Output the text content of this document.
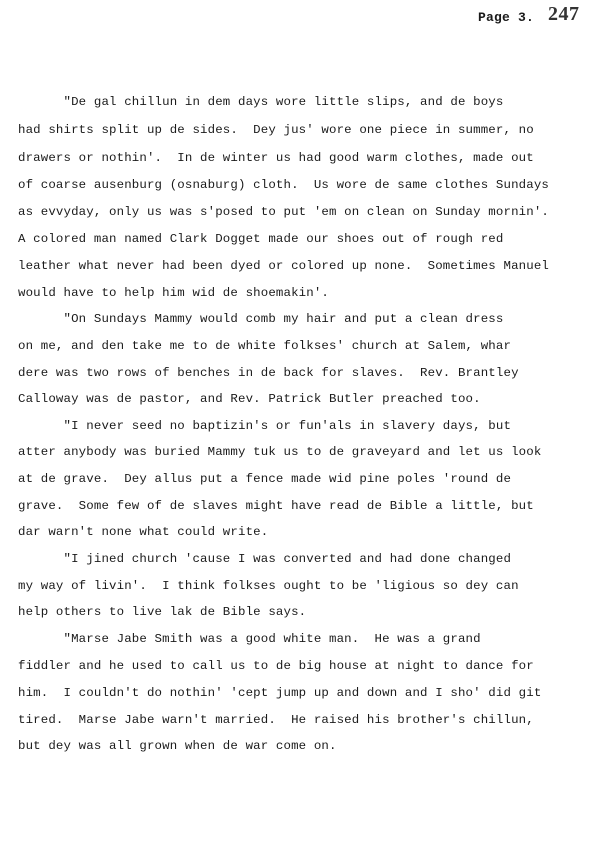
Page 3. 247
"De gal chillun in dem days wore little slips, and de boys
had shirts split up de sides.  Dey jus' wore one piece in summer, no
drawers or nothin'.  In de winter us had good warm clothes, made out
of coarse ausenburg (osnaburg) cloth.  Us wore de same clothes Sundays
as evvyday, only us was s'posed to put 'em on clean on Sunday mornin'.
A colored man named Clark Dogget made our shoes out of rough red
leather what never had been dyed or colored up none.  Sometimes Manuel
would have to help him wid de shoemakin'.
"On Sundays Mammy would comb my hair and put a clean dress
on me, and den take me to de white folkses' church at Salem, whar
dere was two rows of benches in de back for slaves.  Rev. Brantley
Calloway was de pastor, and Rev. Patrick Butler preached too.
"I never seed no baptizin's or fun'als in slavery days, but
atter anybody was buried Mammy tuk us to de graveyard and let us look
at de grave.  Dey allus put a fence made wid pine poles 'round de
grave.  Some few of de slaves might have read de Bible a little, but
dar warn't none what could write.
"I jined church 'cause I was converted and had done changed
my way of livin'.  I think folkses ought to be 'ligious so dey can
help others to live lak de Bible says.
"Marse Jabe Smith was a good white man.  He was a grand
fiddler and he used to call us to de big house at night to dance for
him.  I couldn't do nothin' 'cept jump up and down and I sho' did git
tired.  Marse Jabe warn't married.  He raised his brother's chillun,
but dey was all grown when de war come on.
